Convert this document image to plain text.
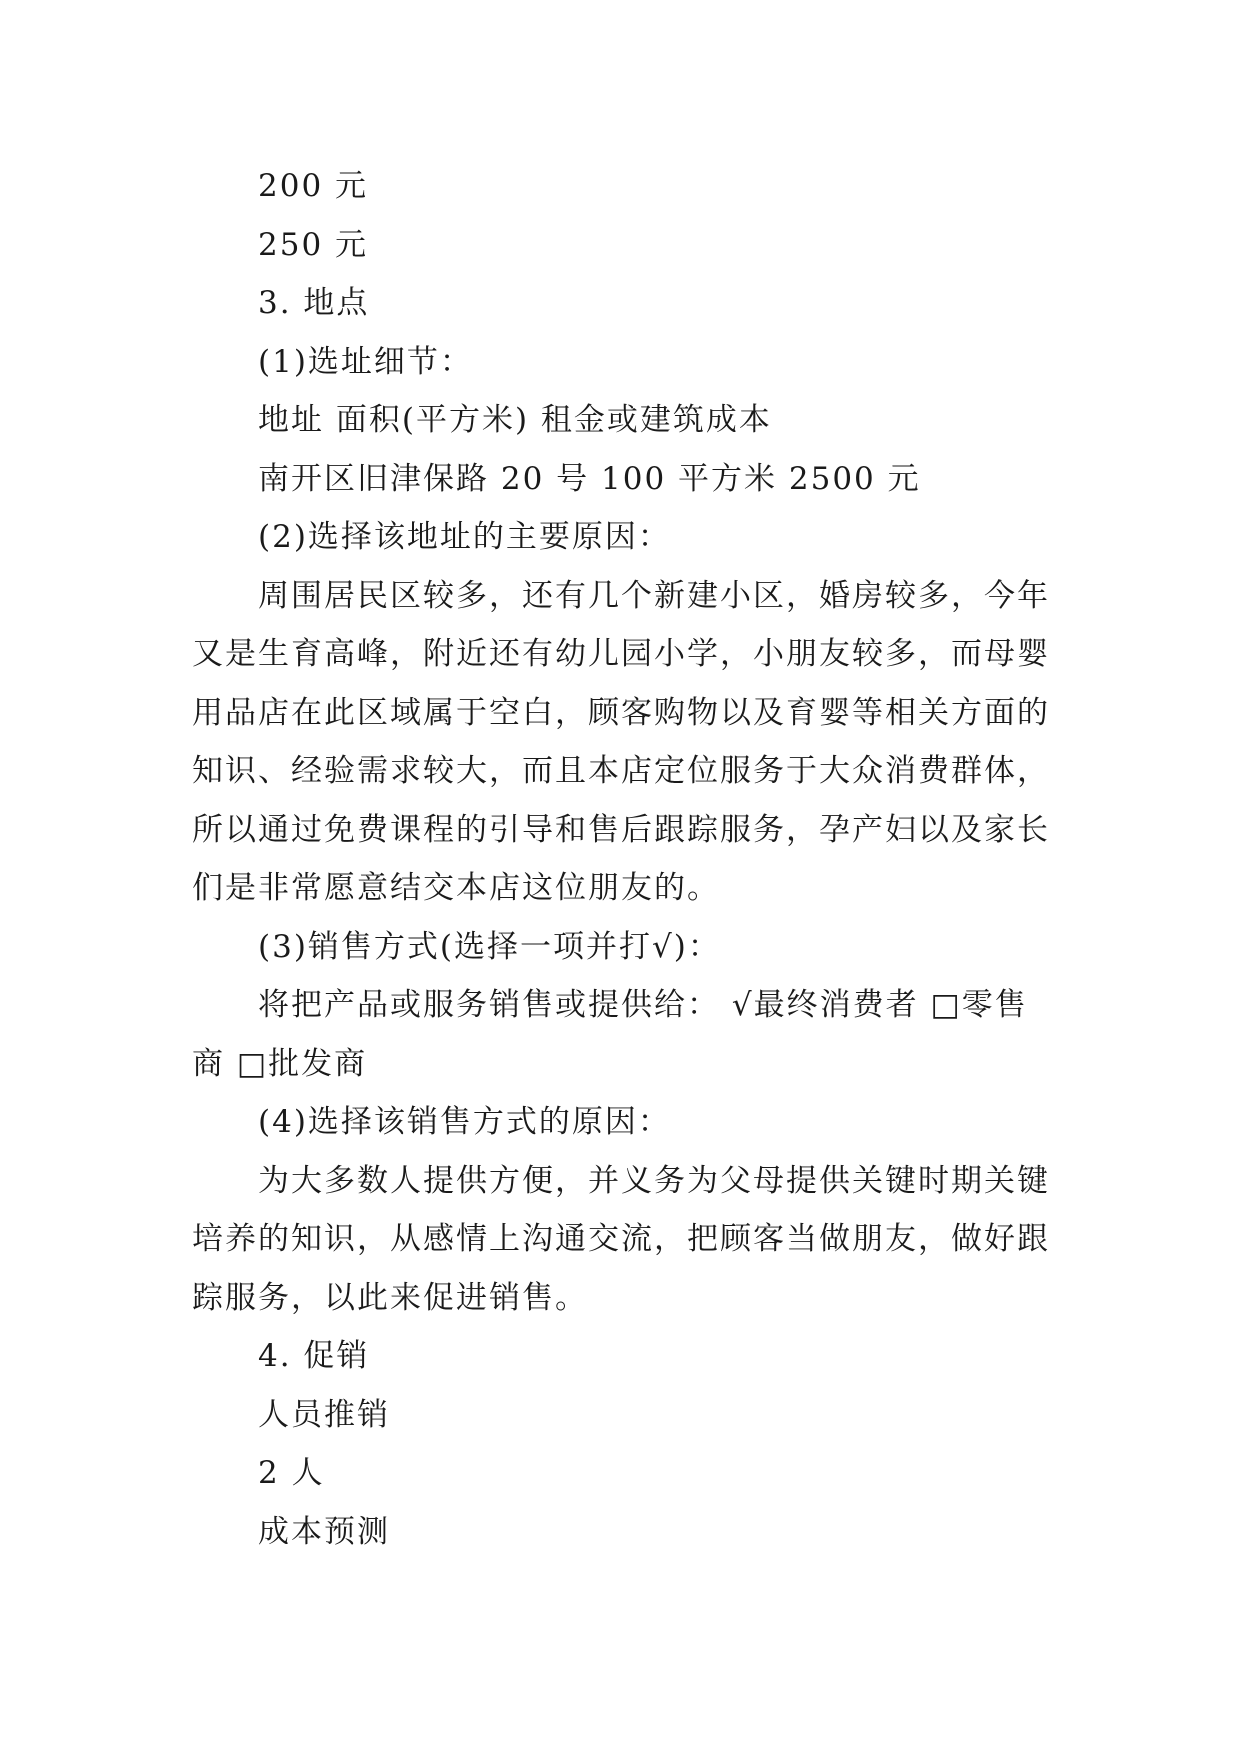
200 元

250 元

3. 地点

(1)选址细节：

地址 面积(平方米) 租金或建筑成本

南开区旧津保路 20 号 100 平方米 2500 元

(2)选择该地址的主要原因：

周围居民区较多，还有几个新建小区，婚房较多，今年

又是生育高峰，附近还有幼儿园小学，小朋友较多，而母婴

用品店在此区域属于空白，顾客购物以及育婴等相关方面的

知识、经验需求较大，而且本店定位服务于大众消费群体，

所以通过免费课程的引导和售后跟踪服务，孕产妇以及家长

们是非常愿意结交本店这位朋友的。

(3)销售方式(选择一项并打√)：

将把产品或服务销售或提供给： √最终消费者 □零售

商 □批发商

(4)选择该销售方式的原因：

为大多数人提供方便，并义务为父母提供关键时期关键

培养的知识，从感情上沟通交流，把顾客当做朋友，做好跟

踪服务，以此来促进销售。

4. 促销

人员推销

2 人

成本预测
